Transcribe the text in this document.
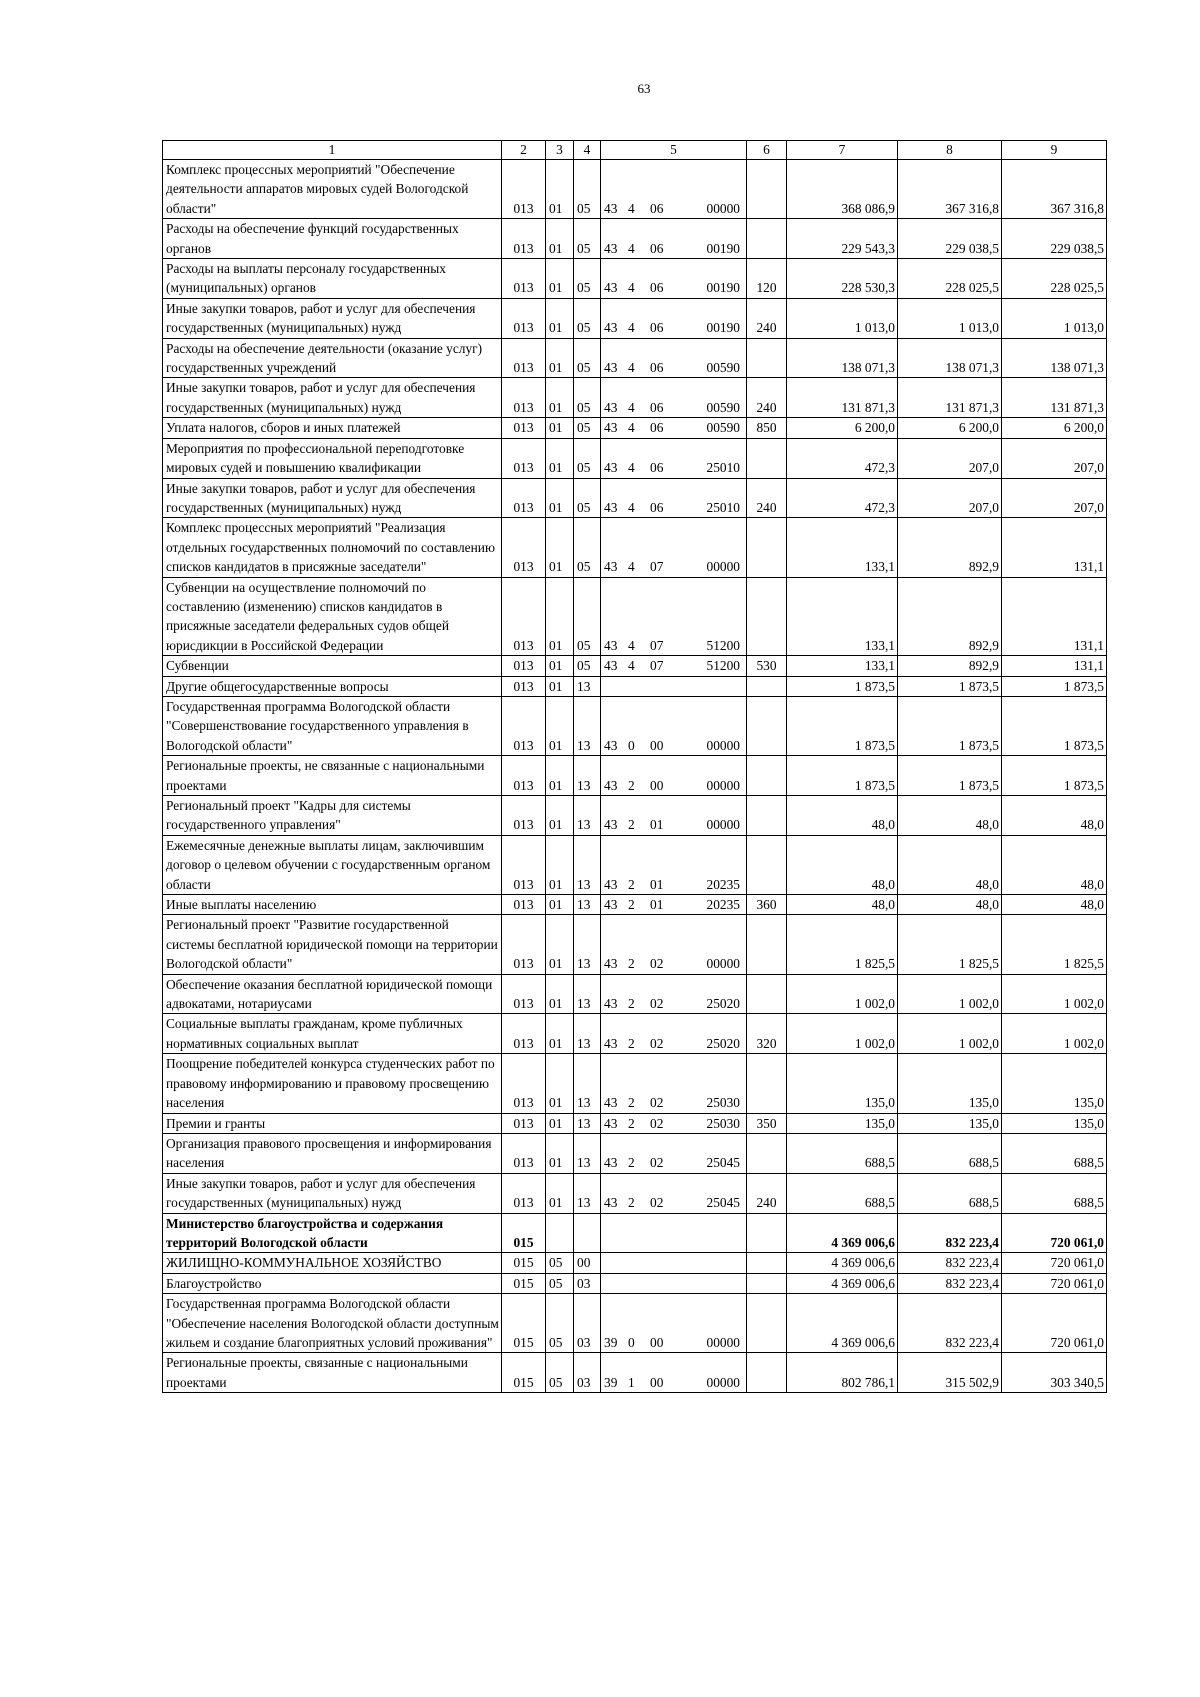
63
1	2	3	4	5	6	7	8	9
Комплекс процессных мероприятий "Обеспечение деятельности аппаратов мировых судей Вологодской области"	013	01	05	43 4 06 00000		368 086,9	367 316,8	367 316,8
Расходы на обеспечение функций государственных органов	013	01	05	43 4 06 00190		229 543,3	229 038,5	229 038,5
Расходы на выплаты персоналу государственных (муниципальных) органов	013	01	05	43 4 06 00190	120	228 530,3	228 025,5	228 025,5
Иные закупки товаров, работ и услуг для обеспечения государственных (муниципальных) нужд	013	01	05	43 4 06 00190	240	1 013,0	1 013,0	1 013,0
Расходы на обеспечение деятельности (оказание услуг) государственных учреждений	013	01	05	43 4 06 00590		138 071,3	138 071,3	138 071,3
Иные закупки товаров, работ и услуг для обеспечения государственных (муниципальных) нужд	013	01	05	43 4 06 00590	240	131 871,3	131 871,3	131 871,3
Уплата налогов, сборов и иных платежей	013	01	05	43 4 06 00590	850	6 200,0	6 200,0	6 200,0
Мероприятия по профессиональной переподготовке мировых судей и повышению квалификации	013	01	05	43 4 06 25010		472,3	207,0	207,0
Иные закупки товаров, работ и услуг для обеспечения государственных (муниципальных) нужд	013	01	05	43 4 06 25010	240	472,3	207,0	207,0
Комплекс процессных мероприятий "Реализация отдельных государственных полномочий по составлению списков кандидатов в присяжные заседатели"	013	01	05	43 4 07 00000		133,1	892,9	131,1
Субвенции на осуществление полномочий по составлению (изменению) списков кандидатов в присяжные заседатели федеральных судов общей юрисдикции в Российской Федерации	013	01	05	43 4 07 51200		133,1	892,9	131,1
Субвенции	013	01	05	43 4 07 51200	530	133,1	892,9	131,1
Другие общегосударственные вопросы	013	01	13			1 873,5	1 873,5	1 873,5
Государственная программа Вологодской области "Совершенствование государственного управления в Вологодской области"	013	01	13	43 0 00 00000		1 873,5	1 873,5	1 873,5
Региональные проекты, не связанные с национальными проектами	013	01	13	43 2 00 00000		1 873,5	1 873,5	1 873,5
Региональный проект "Кадры для системы государственного управления"	013	01	13	43 2 01 00000		48,0	48,0	48,0
Ежемесячные денежные выплаты лицам, заключившим договор о целевом обучении с государственным органом области	013	01	13	43 2 01 20235		48,0	48,0	48,0
Иные выплаты населению	013	01	13	43 2 01 20235	360	48,0	48,0	48,0
Региональный проект "Развитие государственной системы бесплатной юридической помощи на территории Вологодской области"	013	01	13	43 2 02 00000		1 825,5	1 825,5	1 825,5
Обеспечение оказания бесплатной юридической помощи адвокатами, нотариусами	013	01	13	43 2 02 25020		1 002,0	1 002,0	1 002,0
Социальные выплаты гражданам, кроме публичных нормативных социальных выплат	013	01	13	43 2 02 25020	320	1 002,0	1 002,0	1 002,0
Поощрение победителей конкурса студенческих работ по правовому информированию и правовому просвещению населения	013	01	13	43 2 02 25030		135,0	135,0	135,0
Премии и гранты	013	01	13	43 2 02 25030	350	135,0	135,0	135,0
Организация правового просвещения и информирования населения	013	01	13	43 2 02 25045		688,5	688,5	688,5
Иные закупки товаров, работ и услуг для обеспечения государственных (муниципальных) нужд	013	01	13	43 2 02 25045	240	688,5	688,5	688,5
Министерство благоустройства и содержания территорий Вологодской области	015					4 369 006,6	832 223,4	720 061,0
ЖИЛИЩНО-КОММУНАЛЬНОЕ ХОЗЯЙСТВО	015	05	00			4 369 006,6	832 223,4	720 061,0
Благоустройство	015	05	03			4 369 006,6	832 223,4	720 061,0
Государственная программа Вологодской области "Обеспечение населения Вологодской области доступным жильем и создание благоприятных условий проживания"	015	05	03	39 0 00 00000		4 369 006,6	832 223,4	720 061,0
Региональные проекты, связанные с национальными проектами	015	05	03	39 1 00 00000		802 786,1	315 502,9	303 340,5
